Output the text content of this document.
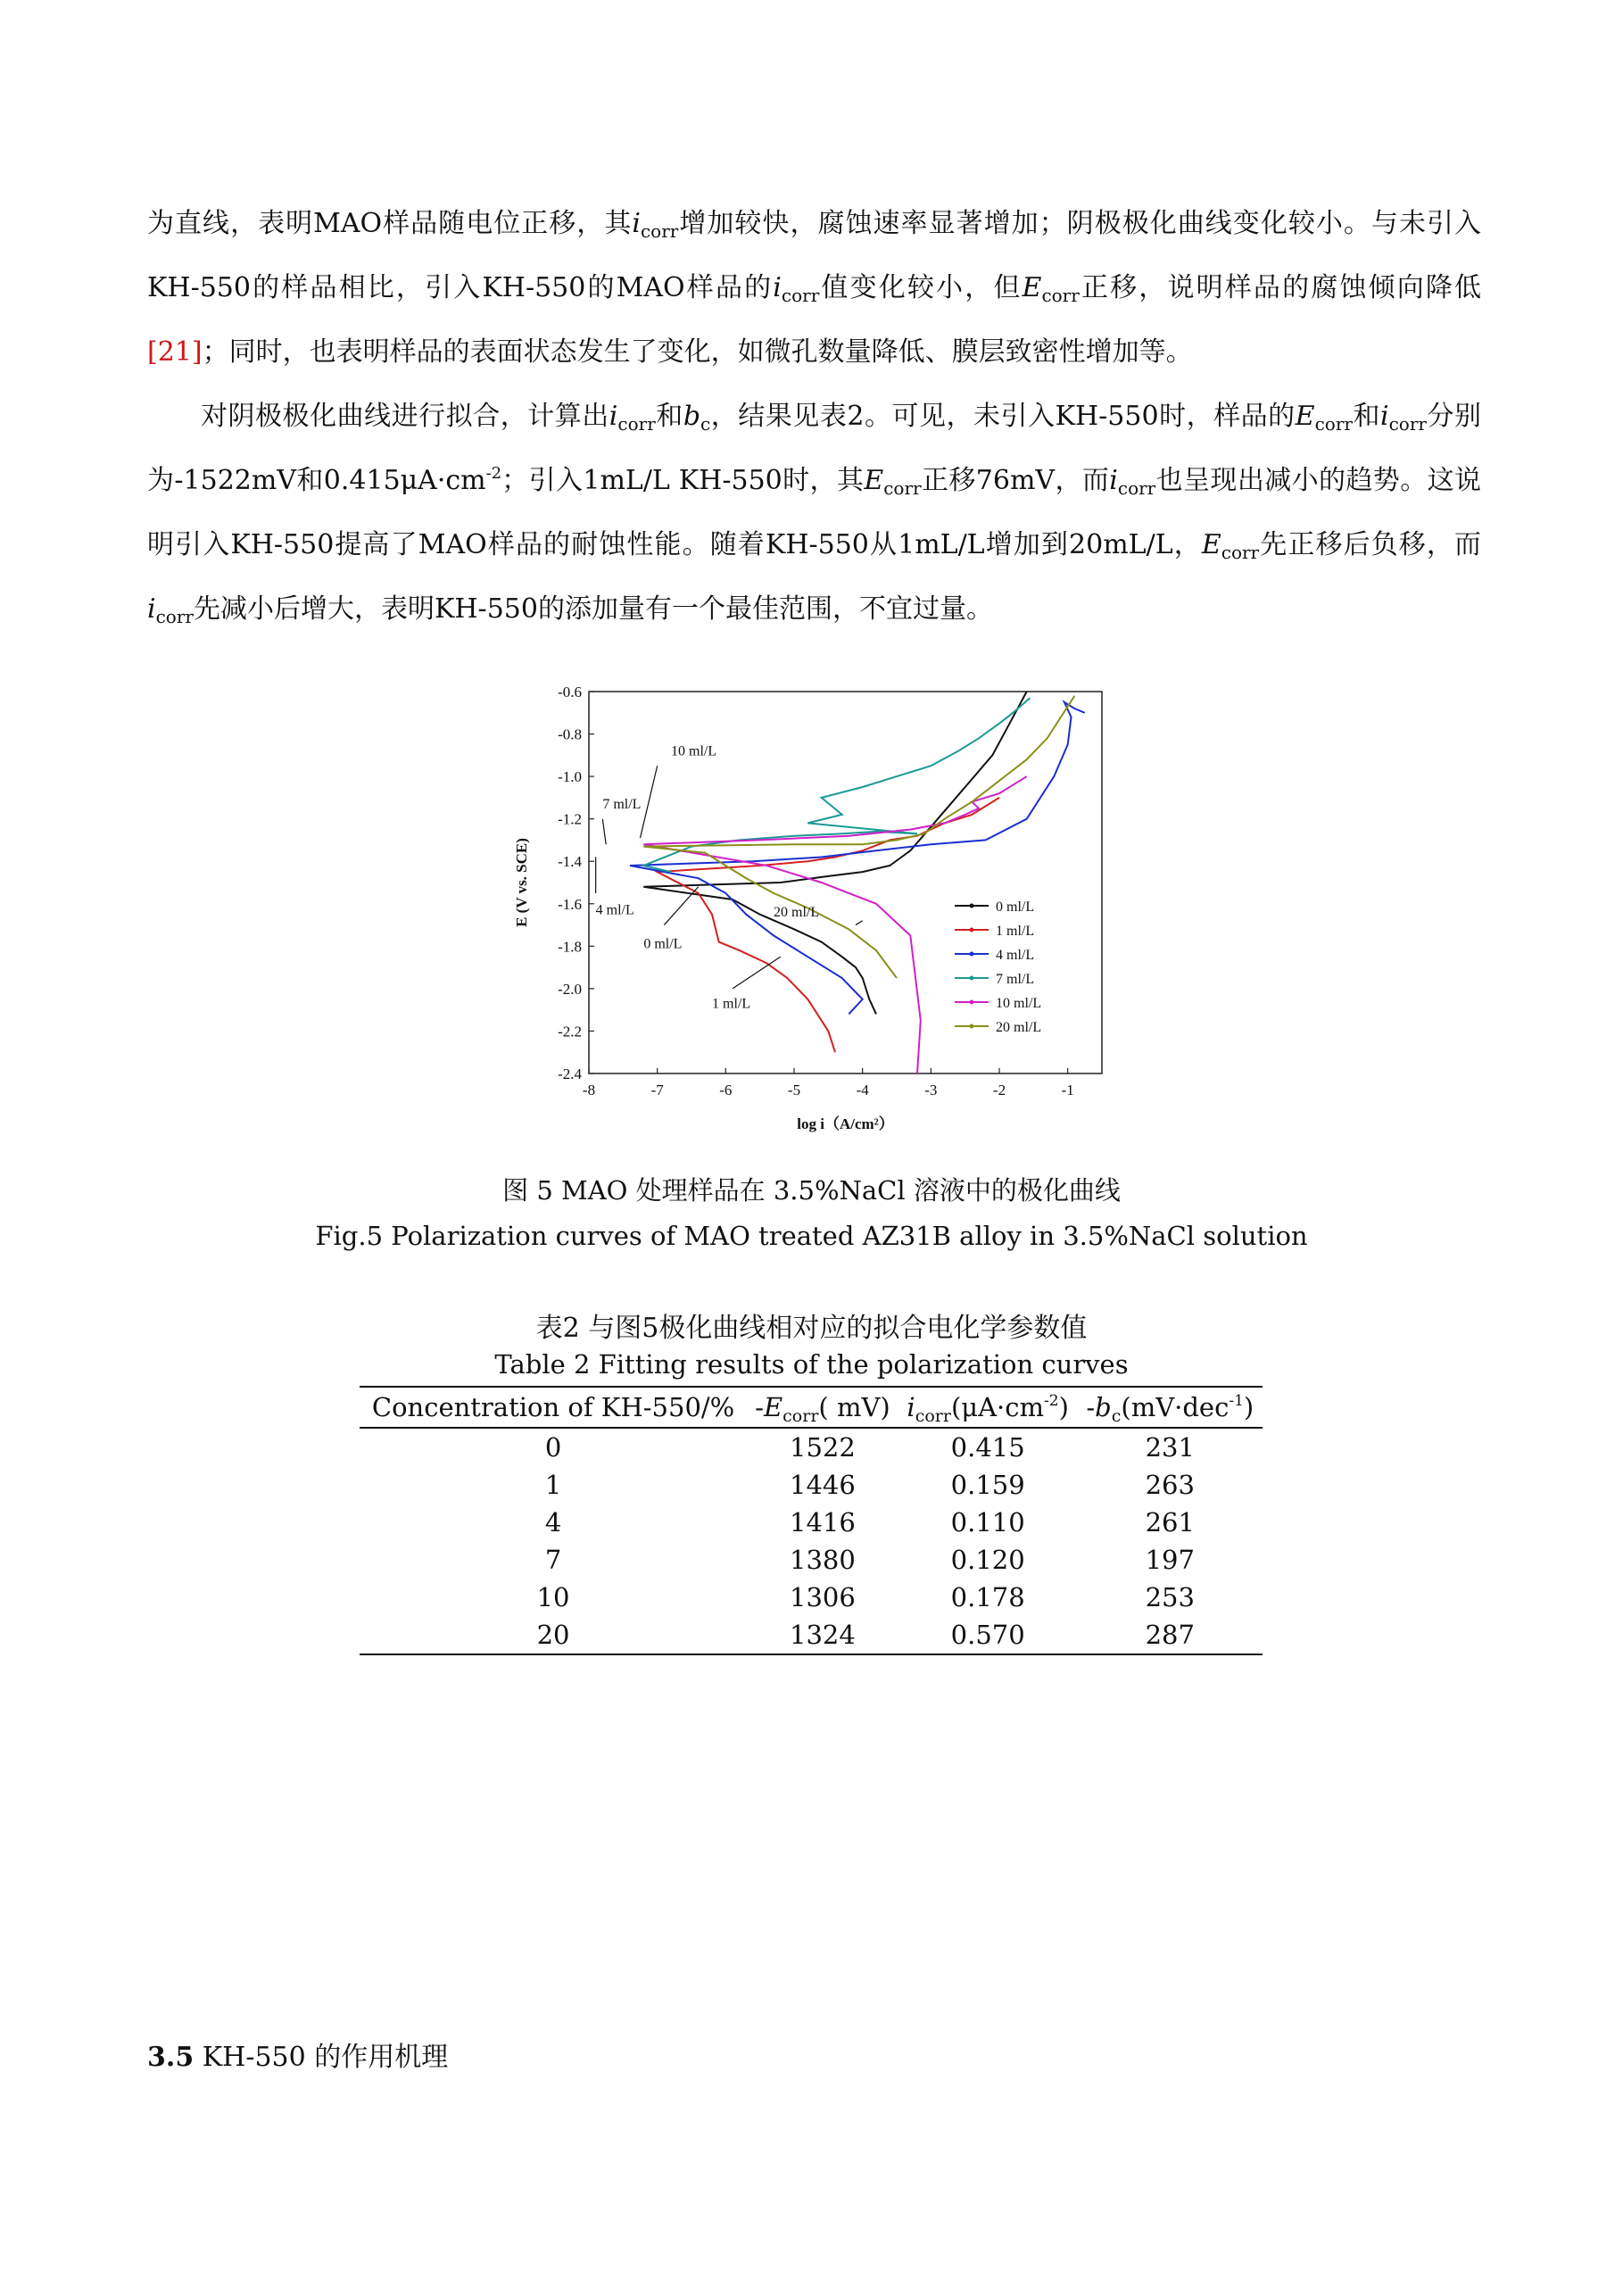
为直线，表明MAO样品随电位正移，其$i_{corr}$增加较快，腐蚀速率显著增加；阴极极化曲线变化较小。与未引入KH-550的样品相比，引入KH-550的MAO样品的$i_{corr}$值变化较小，但$E_{corr}$正移，说明样品的腐蚀倾向降低[21]；同时，也表明样品的表面状态发生了变化，如微孔数量降低、膜层致密性增加等。

对阴极极化曲线进行拟合，计算出$i_{corr}$和$b_c$，结果见表2。可见，未引入KH-550时，样品的$E_{corr}$和$i_{corr}$分别为-1522mV和$0.415\mu A\cdot cm^{-2}$；引入1mL/L KH-550时，其$E_{corr}$正移76mV，而$i_{corr}$也呈现出减小的趋势。这说明引入KH-550提高了MAO样品的耐蚀性能。随着KH-550从1mL/L增加到20mL/L，$E_{corr}$先正移后负移，而$i_{corr}$先减小后增大，表明KH-550的添加量有一个最佳范围，不宜过量。

-8	-7	-6	-5	-4	-3	-2	-1
-0.6
-0.8
-1.0
-1.2
-1.4
-1.6
-1.8
-2.0
-2.2
-2.4
log i（A/cm²）
E (V vs. SCE)	0 ml/L
1 ml/L
4 ml/L
7 ml/L
10 ml/L
20 ml/L
10 ml/L
7 ml/L
4 ml/L
0 ml/L
1 ml/L
20 ml/L
图 5 MAO 处理样品在 3.5%NaCl 溶液中的极化曲线
Fig.5 Polarization curves of MAO treated AZ31B alloy in 3.5%NaCl solution
表2 与图5极化曲线相对应的拟合电化学参数值
Table 2 Fitting results of the polarization curves
Concentration of KH-550/%	$-E_{corr}$( mV)	$i_{corr}(\mu A\cdot cm^{-2})$	$-b_c(mV\cdot dec^{-1})$
0	1522	0.415	231
1	1446	0.159	263
4	1416	0.110	261
7	1380	0.120	197
10	1306	0.178	253
20	1324	0.570	287
3.5 KH-550 的作用机理
